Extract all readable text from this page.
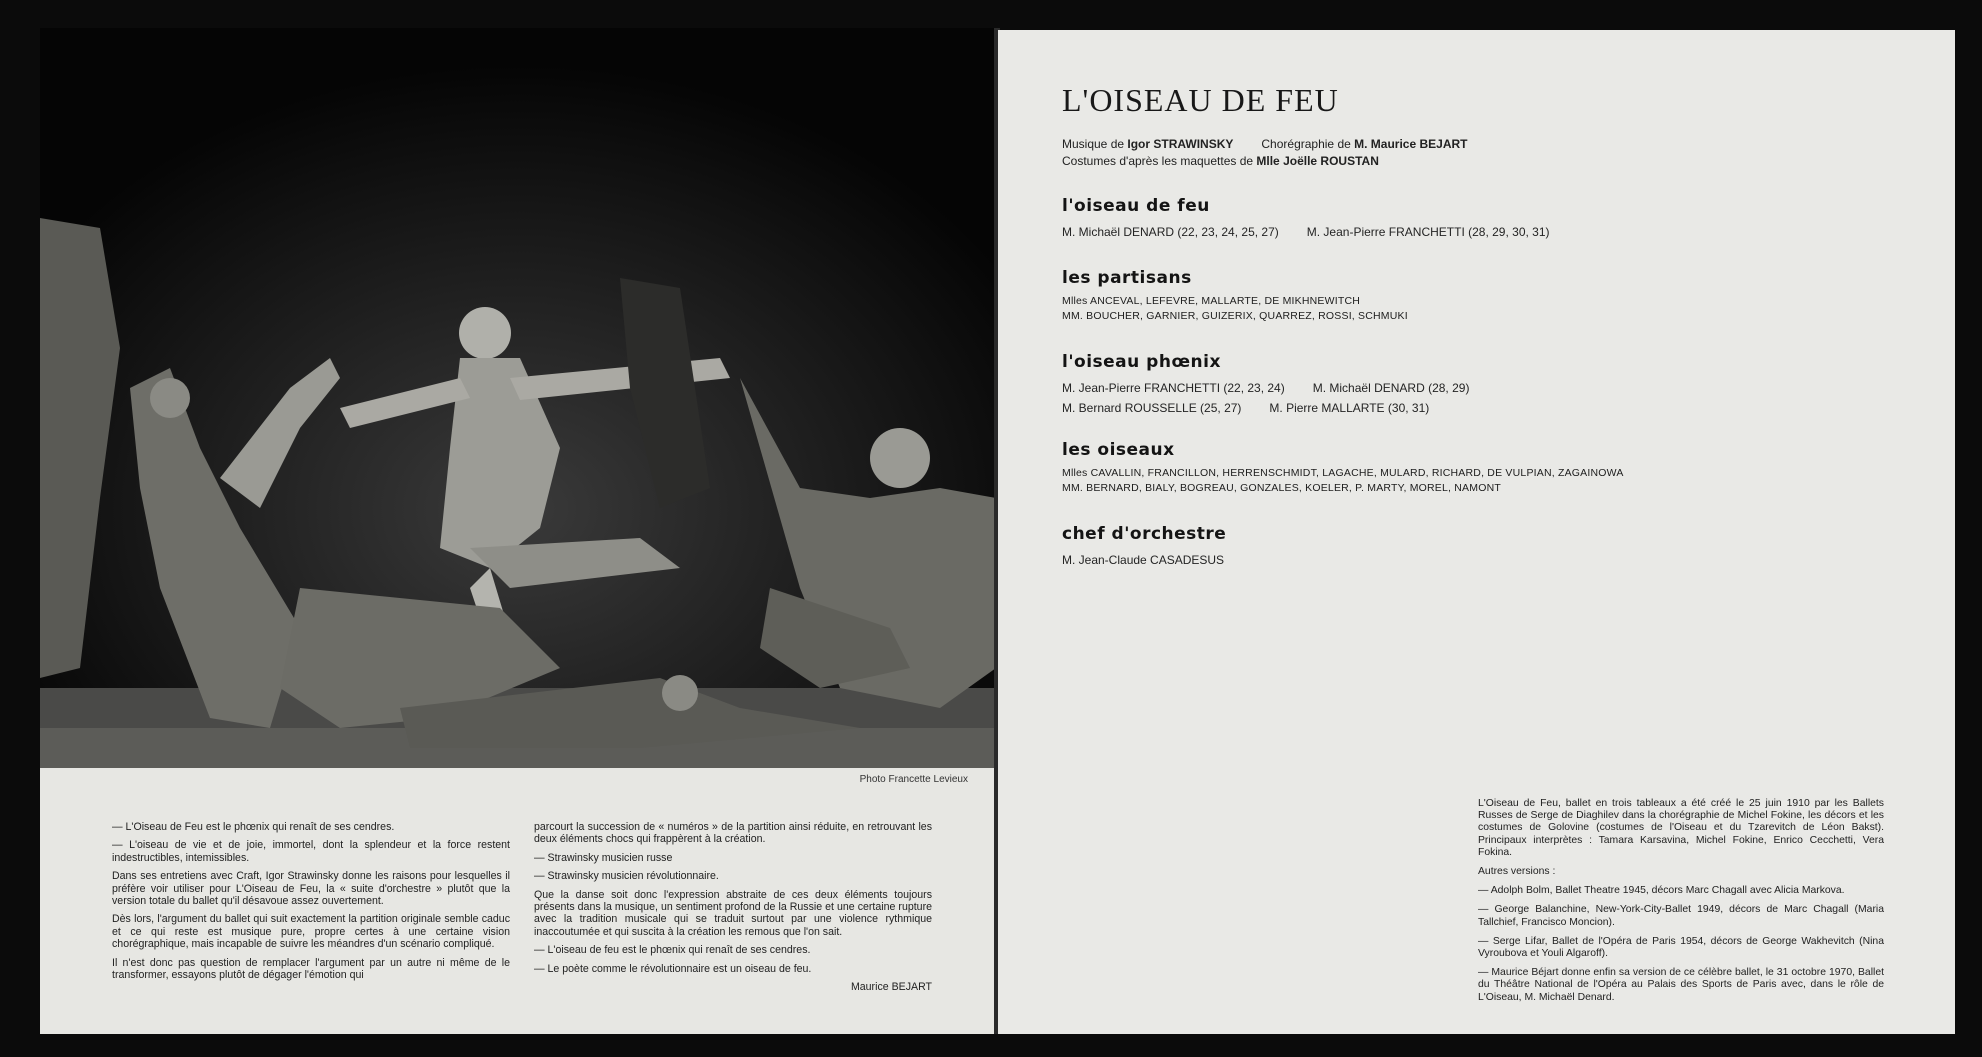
Photo Francette Levieux

— L'Oiseau de Feu est le phœnix qui renaît de ses cendres.

— L'oiseau de vie et de joie, immortel, dont la splendeur et la force restent indestructibles, intemissibles.

Dans ses entretiens avec Craft, Igor Strawinsky donne les raisons pour lesquelles il préfère voir utiliser pour L'Oiseau de Feu, la « suite d'orchestre » plutôt que la version totale du ballet qu'il désavoue assez ouvertement.

Dès lors, l'argument du ballet qui suit exactement la partition originale semble caduc et ce qui reste est musique pure, propre certes à une certaine vision chorégraphique, mais incapable de suivre les méandres d'un scénario compliqué.

Il n'est donc pas question de remplacer l'argument par un autre ni même de le transformer, essayons plutôt de dégager l'émotion qui

parcourt la succession de « numéros » de la partition ainsi réduite, en retrouvant les deux éléments chocs qui frappèrent à la création.

— Strawinsky musicien russe

— Strawinsky musicien révolutionnaire.

Que la danse soit donc l'expression abstraite de ces deux éléments toujours présents dans la musique, un sentiment profond de la Russie et une certaine rupture avec la tradition musicale qui se traduit surtout par une violence rythmique inaccoutumée et qui suscita à la création les remous que l'on sait.

— L'oiseau de feu est le phœnix qui renaît de ses cendres.

— Le poète comme le révolutionnaire est un oiseau de feu.

Maurice BEJART
L'OISEAU DE FEU
Musique de Igor STRAWINSKY Chorégraphie de M. Maurice BEJART
Costumes d'après les maquettes de Mlle Joëlle ROUSTAN
l'oiseau de feu
M. Michaël DENARD (22, 23, 24, 25, 27) M. Jean-Pierre FRANCHETTI (28, 29, 30, 31)
les partisans
Mlles ANCEVAL, LEFEVRE, MALLARTE, DE MIKHNEWITCH
MM. BOUCHER, GARNIER, GUIZERIX, QUARREZ, ROSSI, SCHMUKI
l'oiseau phœnix
M. Jean-Pierre FRANCHETTI (22, 23, 24) M. Michaël DENARD (28, 29)
M. Bernard ROUSSELLE (25, 27) M. Pierre MALLARTE (30, 31)
les oiseaux
Mlles CAVALLIN, FRANCILLON, HERRENSCHMIDT, LAGACHE, MULARD, RICHARD, DE VULPIAN, ZAGAINOWA
MM. BERNARD, BIALY, BOGREAU, GONZALES, KOELER, P. MARTY, MOREL, NAMONT
chef d'orchestre
M. Jean-Claude CASADESUS

L'Oiseau de Feu, ballet en trois tableaux a été créé le 25 juin 1910 par les Ballets Russes de Serge de Diaghilev dans la chorégraphie de Michel Fokine, les décors et les costumes de Golovine (costumes de l'Oiseau et du Tzarevitch de Léon Bakst). Principaux interprètes : Tamara Karsavina, Michel Fokine, Enrico Cecchetti, Vera Fokina.

Autres versions :

— Adolph Bolm, Ballet Theatre 1945, décors Marc Chagall avec Alicia Markova.

— George Balanchine, New-York-City-Ballet 1949, décors de Marc Chagall (Maria Tallchief, Francisco Moncion).

— Serge Lifar, Ballet de l'Opéra de Paris 1954, décors de George Wakhevitch (Nina Vyroubova et Youli Algaroff).

— Maurice Béjart donne enfin sa version de ce célèbre ballet, le 31 octobre 1970, Ballet du Théâtre National de l'Opéra au Palais des Sports de Paris avec, dans le rôle de L'Oiseau, M. Michaël Denard.
